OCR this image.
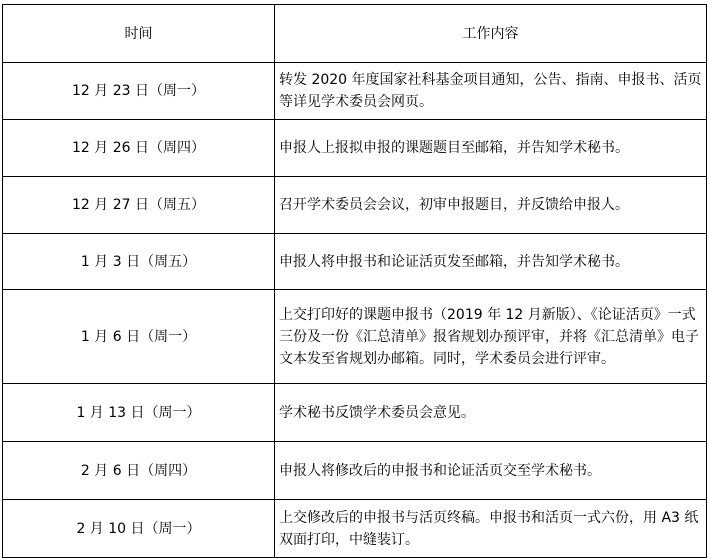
时间	工作内容
12 月 23 日（周一）	转发 2020 年度国家社科基金项目通知，公告、指南、申报书、活页等详见学术委员会网页。
12 月 26 日（周四）	申报人上报拟申报的课题题目至邮箱，并告知学术秘书。
12 月 27 日（周五）	召开学术委员会会议，初审申报题目，并反馈给申报人。
1 月 3 日（周五）	申报人将申报书和论证活页发至邮箱，并告知学术秘书。
1 月 6 日（周一）	上交打印好的课题申报书（2019 年 12 月新版）、《论证活页》一式三份及一份《汇总清单》报省规划办预评审，并将《汇总清单》电子文本发至省规划办邮箱。同时，学术委员会进行评审。
1 月 13 日（周一）	学术秘书反馈学术委员会意见。
2 月 6 日（周四）	申报人将修改后的申报书和论证活页交至学术秘书。
2 月 10 日（周一）	上交修改后的申报书与活页终稿。申报书和活页一式六份，用 A3 纸双面打印，中缝装订。
